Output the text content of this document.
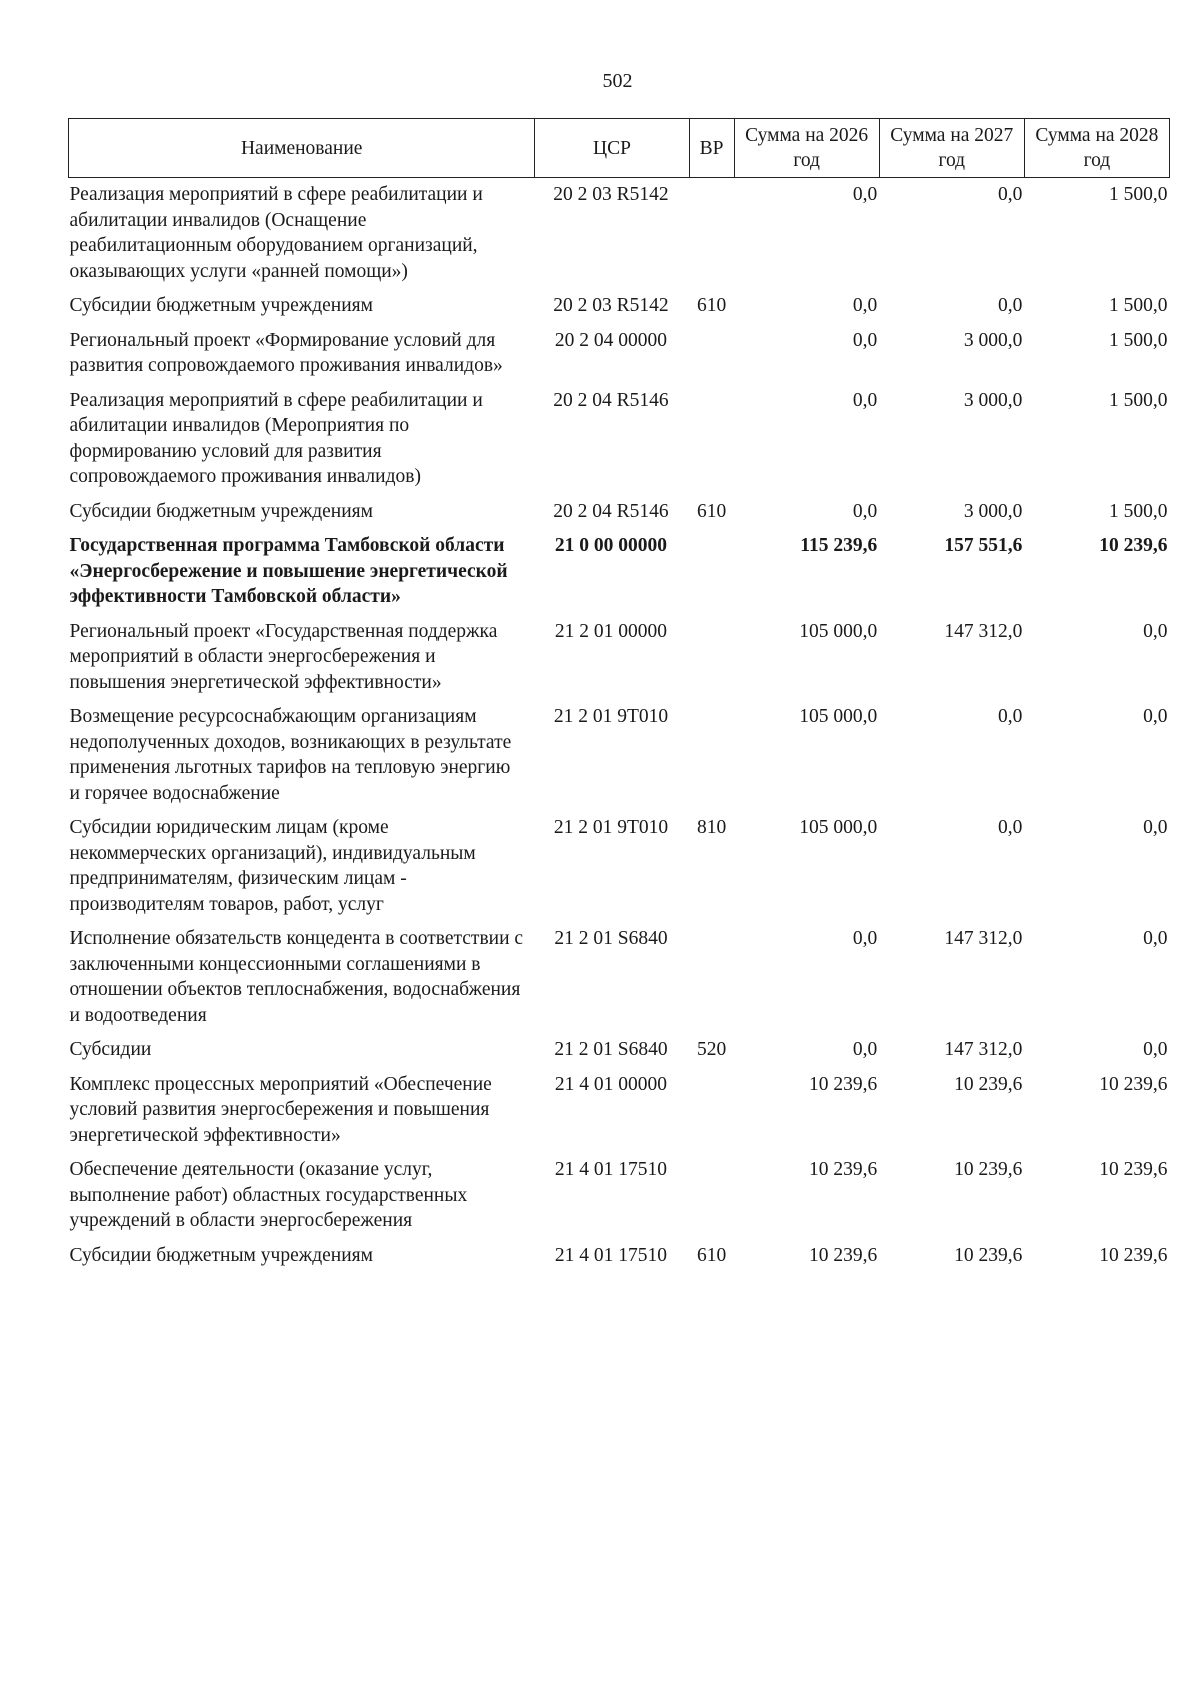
502
Наименование	ЦСР	ВР	Сумма на 2026 год	Сумма на 2027 год	Сумма на 2028 год
Реализация мероприятий в сфере реабилитации и абилитации инвалидов (Оснащение реабилитационным оборудованием организаций, оказывающих услуги «ранней помощи»)	20 2 03 R5142		0,0	0,0	1 500,0
Субсидии бюджетным учреждениям	20 2 03 R5142	610	0,0	0,0	1 500,0
Региональный проект «Формирование условий для развития сопровождаемого проживания инвалидов»	20 2 04 00000		0,0	3 000,0	1 500,0
Реализация мероприятий в сфере реабилитации и абилитации инвалидов (Мероприятия по формированию условий для развития сопровождаемого проживания инвалидов)	20 2 04 R5146		0,0	3 000,0	1 500,0
Субсидии бюджетным учреждениям	20 2 04 R5146	610	0,0	3 000,0	1 500,0
Государственная программа Тамбовской области «Энергосбережение и повышение энергетической эффективности Тамбовской области»	21 0 00 00000		115 239,6	157 551,6	10 239,6
Региональный проект «Государственная поддержка мероприятий в области энергосбережения и повышения энергетической эффективности»	21 2 01 00000		105 000,0	147 312,0	0,0
Возмещение ресурсоснабжающим организациям недополученных доходов, возникающих в результате применения льготных тарифов на тепловую энергию и горячее водоснабжение	21 2 01 9Т010		105 000,0	0,0	0,0
Субсидии юридическим лицам (кроме некоммерческих организаций), индивидуальным предпринимателям, физическим лицам - производителям товаров, работ, услуг	21 2 01 9Т010	810	105 000,0	0,0	0,0
Исполнение обязательств концедента в соответствии с заключенными концессионными соглашениями в отношении объектов теплоснабжения, водоснабжения и водоотведения	21 2 01 S6840		0,0	147 312,0	0,0
Субсидии	21 2 01 S6840	520	0,0	147 312,0	0,0
Комплекс процессных мероприятий «Обеспечение условий развития энергосбережения и повышения энергетической эффективности»	21 4 01 00000		10 239,6	10 239,6	10 239,6
Обеспечение деятельности (оказание услуг, выполнение работ) областных государственных учреждений в области энергосбережения	21 4 01 17510		10 239,6	10 239,6	10 239,6
Субсидии бюджетным учреждениям	21 4 01 17510	610	10 239,6	10 239,6	10 239,6
